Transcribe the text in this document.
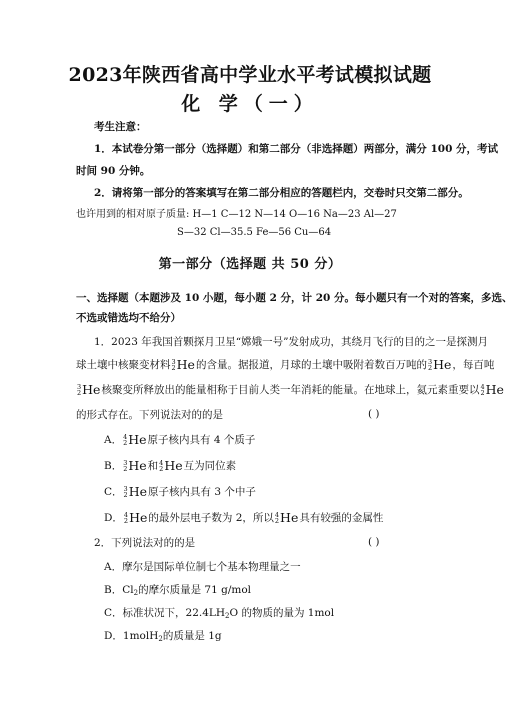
2023年陕西省高中学业水平考试模拟试题
化 学（一）
考生注意：
1．本试卷分第一部分（选择题）和第二部分（非选择题）两部分，满分 100 分，考试
时间 90 分钟。
2．请将第一部分的答案填写在第二部分相应的答题栏内，交卷时只交第二部分。
也许用到的相对原子质量: H—1 C—12 N—14 O—16 Na—23 Al—27
S—32 Cl—35.5 Fe—56 Cu—64
第一部分（选择题 共 50 分）
一、选择题（本题涉及 10 小题，每小题 2 分，计 20 分。每小题只有一个对的答案，多选、
不选或错选均不给分）
1．2023 年我国首颗探月卫星“嫦娥一号”发射成功，其绕月飞行的目的之一是探测月
球土壤中核聚变材料 3
2 He 的含量。据报道，月球的土壤中吸附着数百万吨的 3
2 He ，每百吨
3
2 He 核聚变所释放出的能量相称于目前人类一年消耗的能量。在地球上，氦元素重要以 4
2 He
的形式存在。下列说法对的的是	( )
A． 4
2 He 原子核内具有 4 个质子
B． 3
2 He 和 4
2 He 互为同位素
C． 3
2 He 原子核内具有 3 个中子
D． 4
2 He 的最外层电子数为 2，所以 4
2 He 具有较强的金属性
2．下列说法对的的是	( )
A．摩尔是国际单位制七个基本物理量之一
B．$Cl_2$的摩尔质量是 71 g/mol
C．标准状况下，$22.4LH_2O$ 的物质的量为 1mol
D．1molH$_2$的质量是 1g
